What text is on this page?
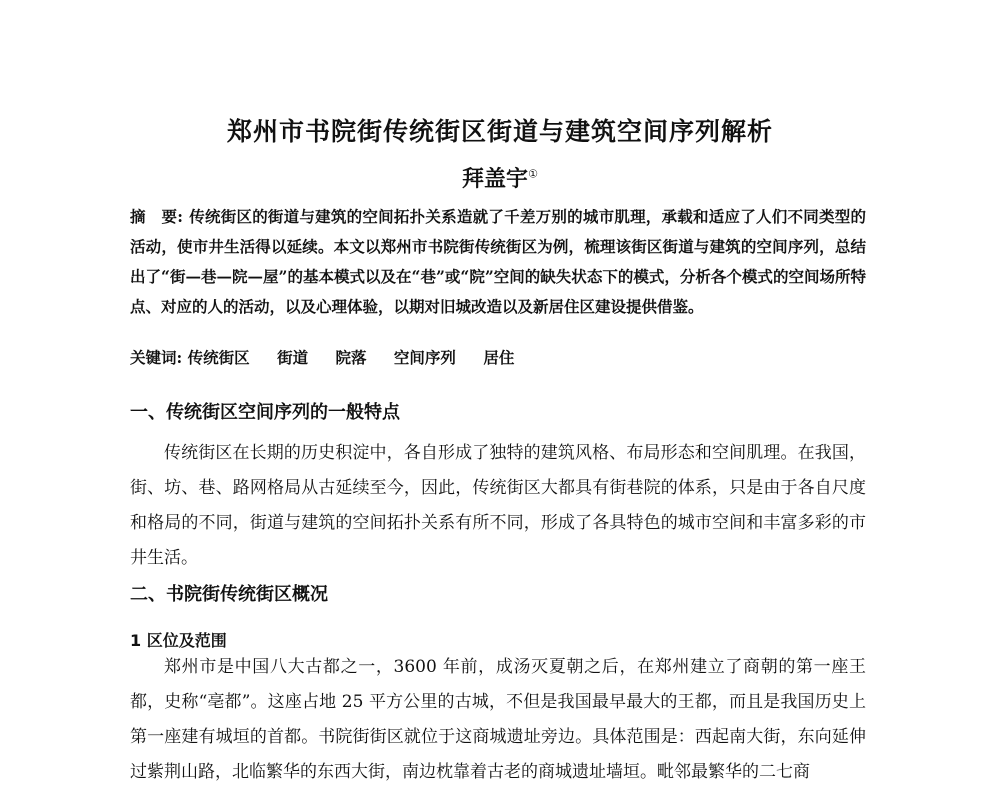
郑州市书院街传统街区街道与建筑空间序列解析
拜盖宇①
摘　要: 传统街区的街道与建筑的空间拓扑关系造就了千差万别的城市肌理，承载和适应了人们不同类型的活动，使市井生活得以延续。本文以郑州市书院街传统街区为例，梳理该街区街道与建筑的空间序列，总结出了“街—巷—院—屋”的基本模式以及在“巷”或“院”空间的缺失状态下的模式，分析各个模式的空间场所特点、对应的人的活动，以及心理体验，以期对旧城改造以及新居住区建设提供借鉴。
关键词: 传统街区 街道 院落 空间序列 居住
一、传统街区空间序列的一般特点
传统街区在长期的历史积淀中，各自形成了独特的建筑风格、布局形态和空间肌理。在我国，街、坊、巷、路网格局从古延续至今，因此，传统街区大都具有街巷院的体系，只是由于各自尺度和格局的不同，街道与建筑的空间拓扑关系有所不同，形成了各具特色的城市空间和丰富多彩的市井生活。
二、书院街传统街区概况
1 区位及范围
郑州市是中国八大古都之一，3600 年前，成汤灭夏朝之后，在郑州建立了商朝的第一座王都，史称“亳都”。这座占地 25 平方公里的古城，不但是我国最早最大的王都，而且是我国历史上第一座建有城垣的首都。书院街街区就位于这商城遗址旁边。具体范围是：西起南大街，东向延伸过紫荆山路，北临繁华的东西大街，南边枕靠着古老的商城遗址墙垣。毗邻最繁华的二七商
